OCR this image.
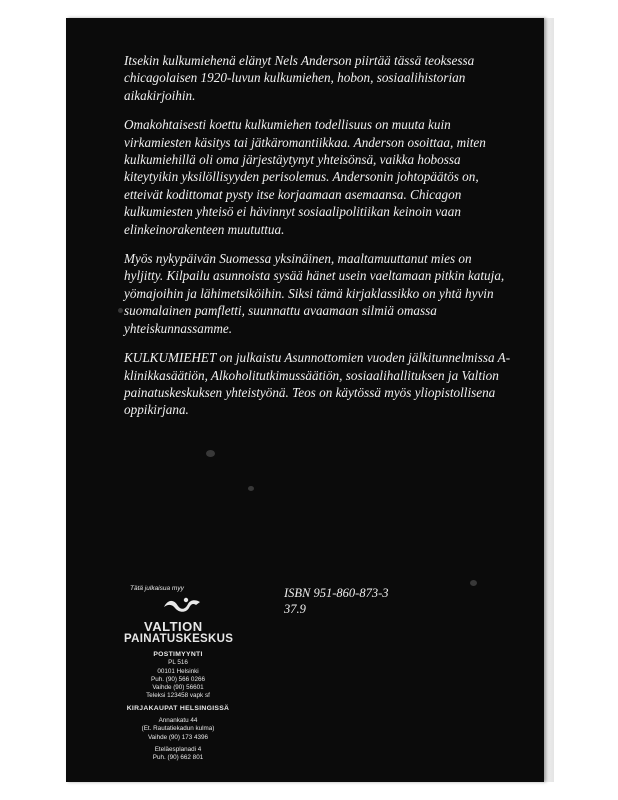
Itsekin kulkumiehenä elänyt Nels Anderson piirtää tässä teoksessa chicagolaisen 1920-luvun kulkumiehen, hobon, sosiaalihistorian aikakirjoihin.

Omakohtaisesti koettu kulkumiehen todellisuus on muuta kuin virkamiesten käsitys tai jätkäromantiikkaa. Anderson osoittaa, miten kulkumiehillä oli oma järjestäytynyt yhteisönsä, vaikka hobossa kiteytyikin yksilöllisyyden perisolemus. Andersonin johtopäätös on, etteivät kodittomat pysty itse korjaamaan asemaansa. Chicagon kulkumiesten yhteisö ei hävinnyt sosiaalipolitiikan keinoin vaan elinkeinorakenteen muututtua.

Myös nykypäivän Suomessa yksinäinen, maaltamuuttanut mies on hyljitty. Kilpailu asunnoista sysää hänet usein vaeltamaan pitkin katuja, yömajoihin ja lähimetsiköihin. Siksi tämä kirjaklassikko on yhtä hyvin suomalainen pamfletti, suunnattu avaamaan silmiä omassa yhteiskunnassamme.

KULKUMIEHET on julkaistu Asunnottomien vuoden jälkitunnelmissa A-klinikkasäätiön, Alkoholitutkimussäätiön, sosiaalihallituksen ja Valtion painatuskeskuksen yhteistyönä. Teos on käytössä myös yliopistollisena oppikirjana.

Tätä julkaisua myy
VALTION
PAINATUSKESKUS
POSTIMYYNTI
PL 516
00101 Helsinki
Puh. (90) 566 0266
Vaihde (90) 56601
Teleksi 123458 vapk sf
KIRJAKAUPAT HELSINGISSÄ
Annankatu 44
(Et. Rautatiekadun kulma)
Vaihde (90) 173 4396
Eteläesplanadi 4
Puh. (90) 662 801
ISBN 951-860-873-3
37.9
